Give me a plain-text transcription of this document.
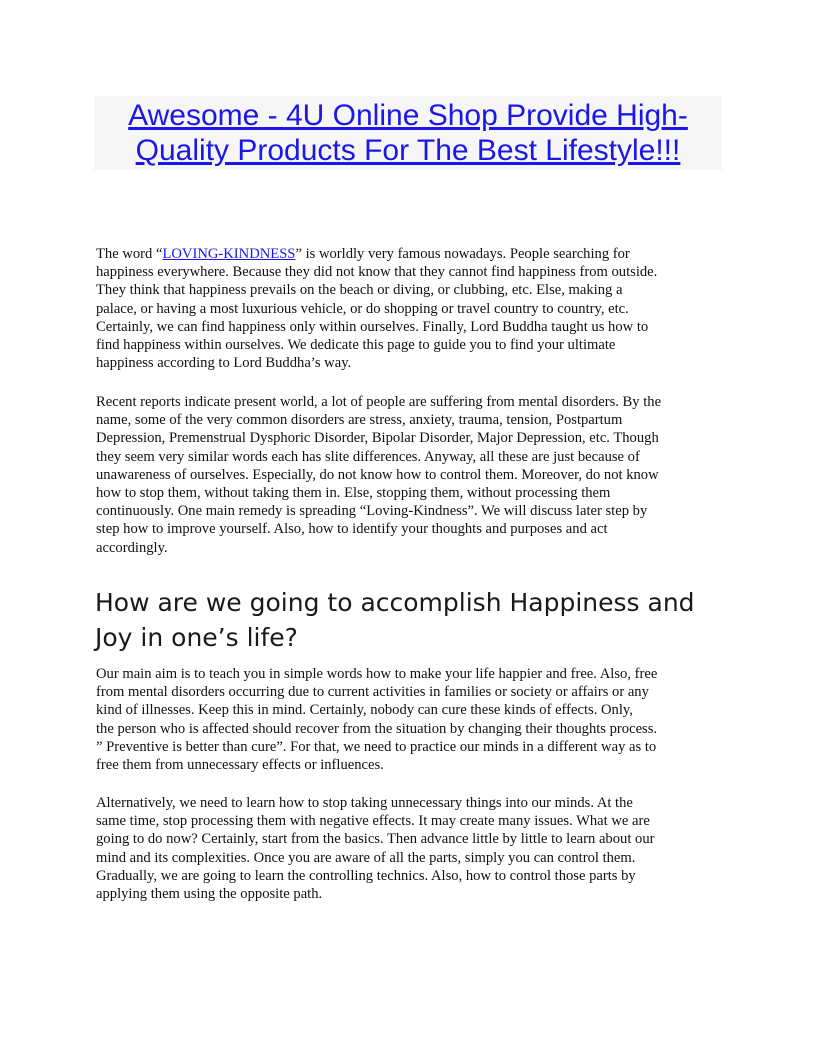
Awesome - 4U Online Shop Provide High-
Quality Products For The Best Lifestyle!!!
The word “LOVING-KINDNESS” is worldly very famous nowadays. People searching for
happiness everywhere. Because they did not know that they cannot find happiness from outside.
They think that happiness prevails on the beach or diving, or clubbing, etc. Else, making a
palace, or having a most luxurious vehicle, or do shopping or travel country to country, etc.
Certainly, we can find happiness only within ourselves. Finally, Lord Buddha taught us how to
find happiness within ourselves. We dedicate this page to guide you to find your ultimate
happiness according to Lord Buddha’s way.
Recent reports indicate present world, a lot of people are suffering from mental disorders. By the
name, some of the very common disorders are stress, anxiety, trauma, tension, Postpartum
Depression, Premenstrual Dysphoric Disorder, Bipolar Disorder, Major Depression, etc. Though
they seem very similar words each has slite differences. Anyway, all these are just because of
unawareness of ourselves. Especially, do not know how to control them. Moreover, do not know
how to stop them, without taking them in. Else, stopping them, without processing them
continuously. One main remedy is spreading “Loving-Kindness”. We will discuss later step by
step how to improve yourself. Also, how to identify your thoughts and purposes and act
accordingly.
How are we going to accomplish Happiness and
Joy in one’s life?
Our main aim is to teach you in simple words how to make your life happier and free. Also, free
from mental disorders occurring due to current activities in families or society or affairs or any
kind of illnesses. Keep this in mind. Certainly, nobody can cure these kinds of effects. Only,
the person who is affected should recover from the situation by changing their thoughts process.
” Preventive is better than cure”. For that, we need to practice our minds in a different way as to
free them from unnecessary effects or influences.
Alternatively, we need to learn how to stop taking unnecessary things into our minds. At the
same time, stop processing them with negative effects. It may create many issues. What we are
going to do now? Certainly, start from the basics. Then advance little by little to learn about our
mind and its complexities. Once you are aware of all the parts, simply you can control them.
Gradually, we are going to learn the controlling technics. Also, how to control those parts by
applying them using the opposite path.
